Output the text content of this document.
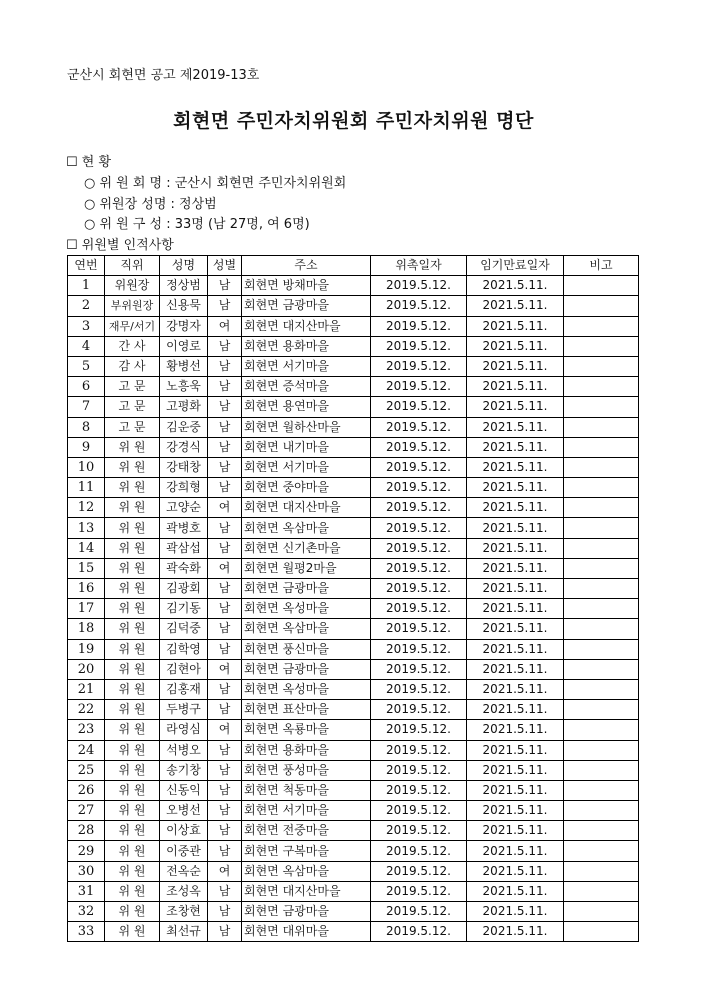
군산시 회현면 공고 제2019-13호
회현면 주민자치위원회 주민자치위원 명단
☐ 현 황
○ 위 원 회 명 : 군산시 회현면 주민자치위원회
○ 위원장 성명 : 정상범
○ 위 원 구 성 : 33명 (남 27명, 여 6명)
☐ 위원별 인적사항
연번	직위	성명	성별	주소	위촉일자	임기만료일자	비고
1	위원장	정상범	남	회현면 방채마을	2019.5.12.	2021.5.11.	
2	부위원장	신용묵	남	회현면 금광마을	2019.5.12.	2021.5.11.	
3	재무/서기	강명자	여	회현면 대지산마을	2019.5.12.	2021.5.11.	
4	간 사	이영로	남	회현면 용화마을	2019.5.12.	2021.5.11.	
5	감 사	황병선	남	회현면 서기마을	2019.5.12.	2021.5.11.	
6	고 문	노흥욱	남	회현면 증석마을	2019.5.12.	2021.5.11.	
7	고 문	고평화	남	회현면 용연마을	2019.5.12.	2021.5.11.	
8	고 문	김운중	남	회현면 월하산마을	2019.5.12.	2021.5.11.	
9	위 원	강경식	남	회현면 내기마을	2019.5.12.	2021.5.11.	
10	위 원	강태창	남	회현면 서기마을	2019.5.12.	2021.5.11.	
11	위 원	강희형	남	회현면 중야마을	2019.5.12.	2021.5.11.	
12	위 원	고양순	여	회현면 대지산마을	2019.5.12.	2021.5.11.	
13	위 원	곽병호	남	회현면 옥삼마을	2019.5.12.	2021.5.11.	
14	위 원	곽삼섭	남	회현면 신기촌마을	2019.5.12.	2021.5.11.	
15	위 원	곽숙화	여	회현면 월평2마을	2019.5.12.	2021.5.11.	
16	위 원	김광회	남	회현면 금광마을	2019.5.12.	2021.5.11.	
17	위 원	김기동	남	회현면 옥성마을	2019.5.12.	2021.5.11.	
18	위 원	김덕중	남	회현면 옥삼마을	2019.5.12.	2021.5.11.	
19	위 원	김학영	남	회현면 풍신마을	2019.5.12.	2021.5.11.	
20	위 원	김현아	여	회현면 금광마을	2019.5.12.	2021.5.11.	
21	위 원	김홍재	남	회현면 옥성마을	2019.5.12.	2021.5.11.	
22	위 원	두병구	남	회현면 표산마을	2019.5.12.	2021.5.11.	
23	위 원	라영심	여	회현면 옥룡마을	2019.5.12.	2021.5.11.	
24	위 원	석병오	남	회현면 용화마을	2019.5.12.	2021.5.11.	
25	위 원	송기창	남	회현면 풍성마을	2019.5.12.	2021.5.11.	
26	위 원	신동익	남	회현면 척동마을	2019.5.12.	2021.5.11.	
27	위 원	오병선	남	회현면 서기마을	2019.5.12.	2021.5.11.	
28	위 원	이상효	남	회현면 전중마을	2019.5.12.	2021.5.11.	
29	위 원	이중관	남	회현면 구복마을	2019.5.12.	2021.5.11.	
30	위 원	전옥순	여	회현면 옥삼마을	2019.5.12.	2021.5.11.	
31	위 원	조성옥	남	회현면 대지산마을	2019.5.12.	2021.5.11.	
32	위 원	조창현	남	회현면 금광마을	2019.5.12.	2021.5.11.	
33	위 원	최선규	남	회현면 대위마을	2019.5.12.	2021.5.11.	
